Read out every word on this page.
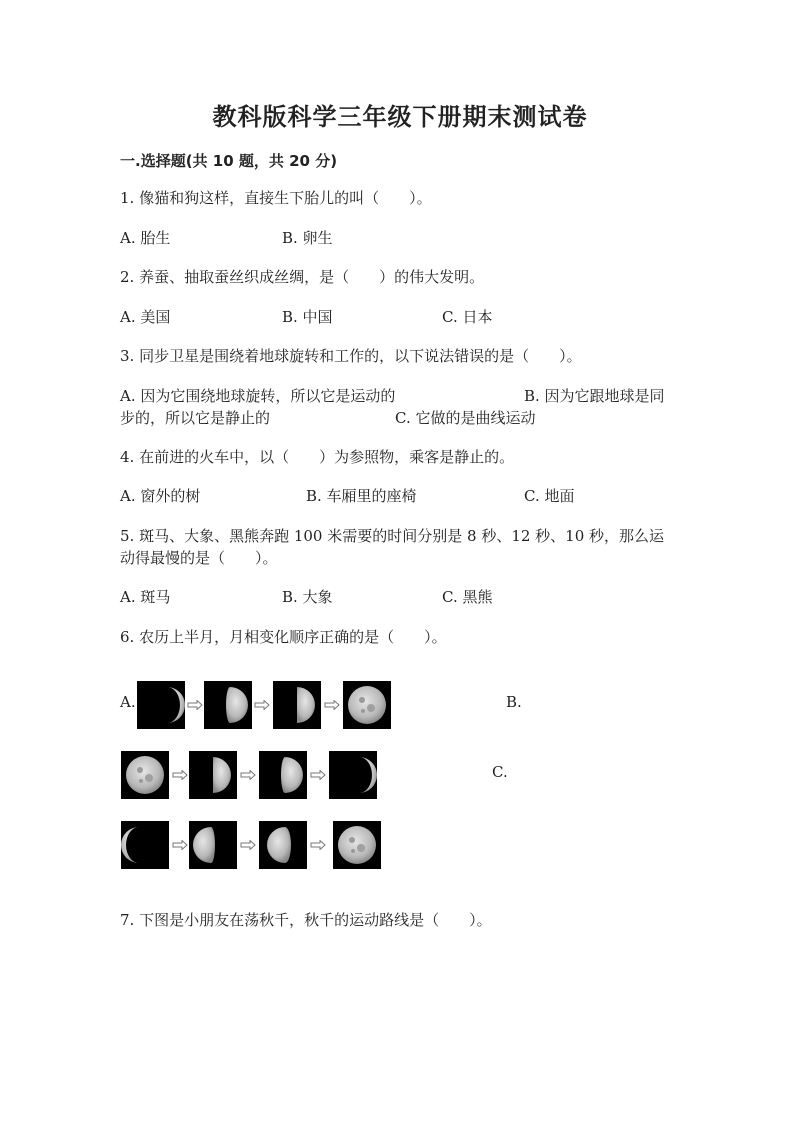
教科版科学三年级下册期末测试卷
一.选择题(共 10 题，共 20 分)
1. 像猫和狗这样，直接生下胎儿的叫（　　）。
A. 胎生	B. 卵生
2. 养蚕、抽取蚕丝织成丝绸，是（　　）的伟大发明。
A. 美国	B. 中国	C. 日本
3. 同步卫星是围绕着地球旋转和工作的，以下说法错误的是（　　）。
A. 因为它围绕地球旋转，所以它是运动的	B. 因为它跟地球是同
步的，所以它是静止的	C. 它做的是曲线运动
4. 在前进的火车中，以（　　）为参照物，乘客是静止的。
A. 窗外的树	B. 车厢里的座椅	C. 地面
5. 斑马、大象、黑熊奔跑 100 米需要的时间分别是 8 秒、12 秒、10 秒，那么运
动得最慢的是（　　）。
A. 斑马	B. 大象	C. 黑熊
6. 农历上半月，月相变化顺序正确的是（　　）。
A.	B.
C.
7. 下图是小朋友在荡秋千，秋千的运动路线是（　　）。
